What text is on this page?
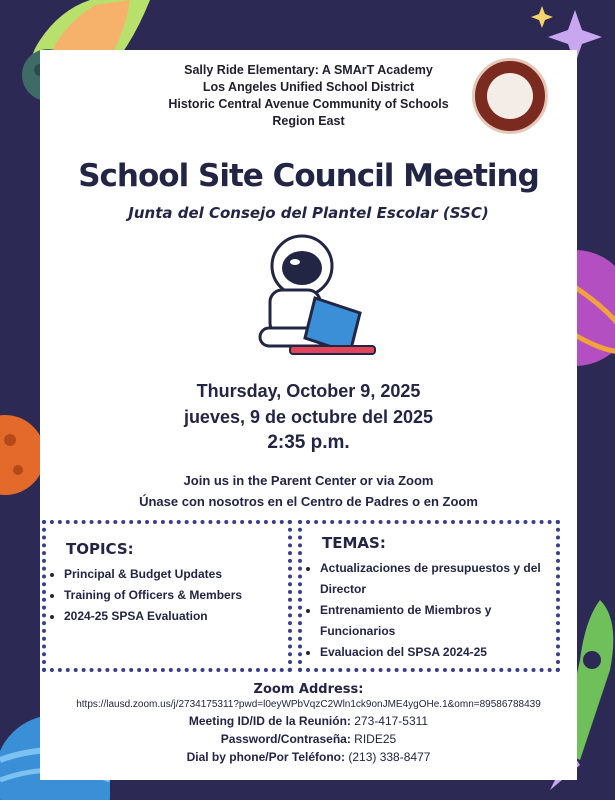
Sally Ride Elementary: A SMArT Academy
Los Angeles Unified School District
Historic Central Avenue Community of Schools
Region East
School Site Council Meeting
Junta del Consejo del Plantel Escolar (SSC)
Thursday, October 9, 2025
jueves, 9 de octubre del 2025
2:35 p.m.
Join us in the Parent Center or via Zoom
Únase con nosotros en el Centro de Padres o en Zoom
TOPICS:
• Principal & Budget Updates
• Training of Officers & Members
• 2024-25 SPSA Evaluation
TEMAS:
• Actualizaciones de presupuestos y del Director
• Entrenamiento de Miembros y Funcionarios
• Evaluacion del SPSA 2024-25
Zoom Address:
https://lausd.zoom.us/j/2734175311?pwd=l0eyWPbVqzC2Wln1ck9onJME4ygOHe.1&omn=89586788439
Meeting ID/ID de la Reunión: 273-417-5311
Password/Contraseña: RIDE25
Dial by phone/Por Teléfono: (213) 338-8477
